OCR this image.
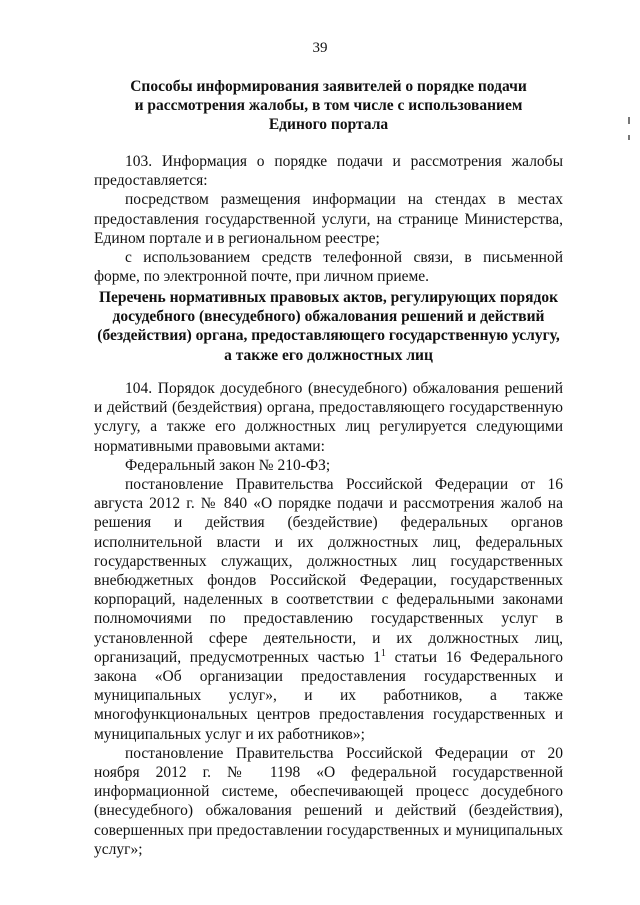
39
Способы информирования заявителей о порядке подачи
и рассмотрения жалобы, в том числе с использованием
Единого портала

103. Информация о порядке подачи и рассмотрения жалобы предоставляется:

посредством размещения информации на стендах в местах предоставления государственной услуги, на странице Министерства, Едином портале и в региональном реестре;

с использованием средств телефонной связи, в письменной форме, по электронной почте, при личном приеме.

Перечень нормативных правовых актов, регулирующих порядок
досудебного (внесудебного) обжалования решений и действий
(бездействия) органа, предоставляющего государственную услугу,
а также его должностных лиц

104. Порядок досудебного (внесудебного) обжалования решений и действий (бездействия) органа, предоставляющего государственную услугу, а также его должностных лиц регулируется следующими нормативными правовыми актами:

Федеральный закон № 210-ФЗ;

постановление Правительства Российской Федерации от 16 августа 2012 г. № 840 «О порядке подачи и рассмотрения жалоб на решения и действия (бездействие) федеральных органов исполнительной власти и их должностных лиц, федеральных государственных служащих, должностных лиц государственных внебюджетных фондов Российской Федерации, государственных корпораций, наделенных в соответствии с федеральными законами полномочиями по предоставлению государственных услуг в установленной сфере деятельности, и их должностных лиц, организаций, предусмотренных частью $1^1$ статьи 16 Федерального закона «Об организации предоставления государственных и муниципальных услуг», и их работников, а также многофункциональных центров предоставления государственных и муниципальных услуг и их работников»;

постановление Правительства Российской Федерации от 20 ноября 2012 г. № 1198 «О федеральной государственной информационной системе, обеспечивающей процесс досудебного (внесудебного) обжалования решений и действий (бездействия), совершенных при предоставлении государственных и муниципальных услуг»;
